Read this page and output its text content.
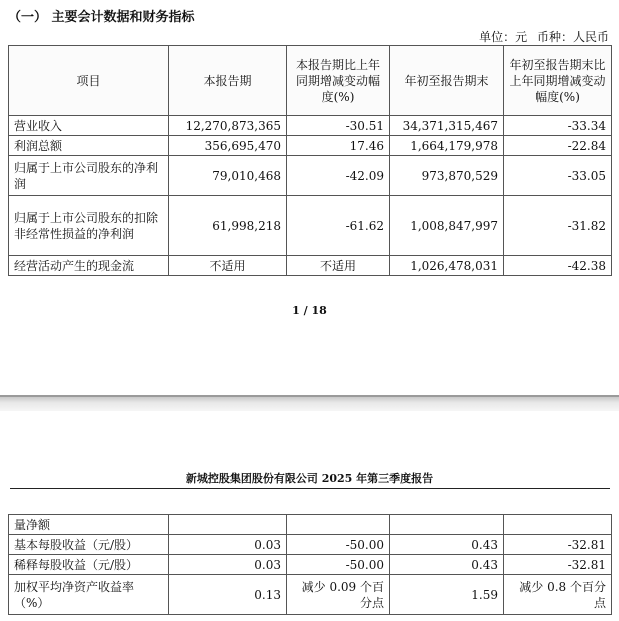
（一） 主要会计数据和财务指标
单位：元 币种：人民币
项目	本报告期	本报告期比上年同期增减变动幅度(%)	年初至报告期末	年初至报告期末比上年同期增减变动幅度(%)
营业收入	12,270,873,365	-30.51	34,371,315,467	-33.34
利润总额	356,695,470	17.46	1,664,179,978	-22.84
归属于上市公司股东的净利润	79,010,468	-42.09	973,870,529	-33.05
归属于上市公司股东的扣除非经常性损益的净利润	61,998,218	-61.62	1,008,847,997	-31.82
经营活动产生的现金流	不适用	不适用	1,026,478,031	-42.38
1 / 18
新城控股集团股份有限公司 2025 年第三季度报告
量净额				
基本每股收益（元/股）	0.03	-50.00	0.43	-32.81
稀释每股收益（元/股）	0.03	-50.00	0.43	-32.81
加权平均净资产收益率（%）	0.13	减少 0.09 个百分点	1.59	减少 0.8 个百分点
